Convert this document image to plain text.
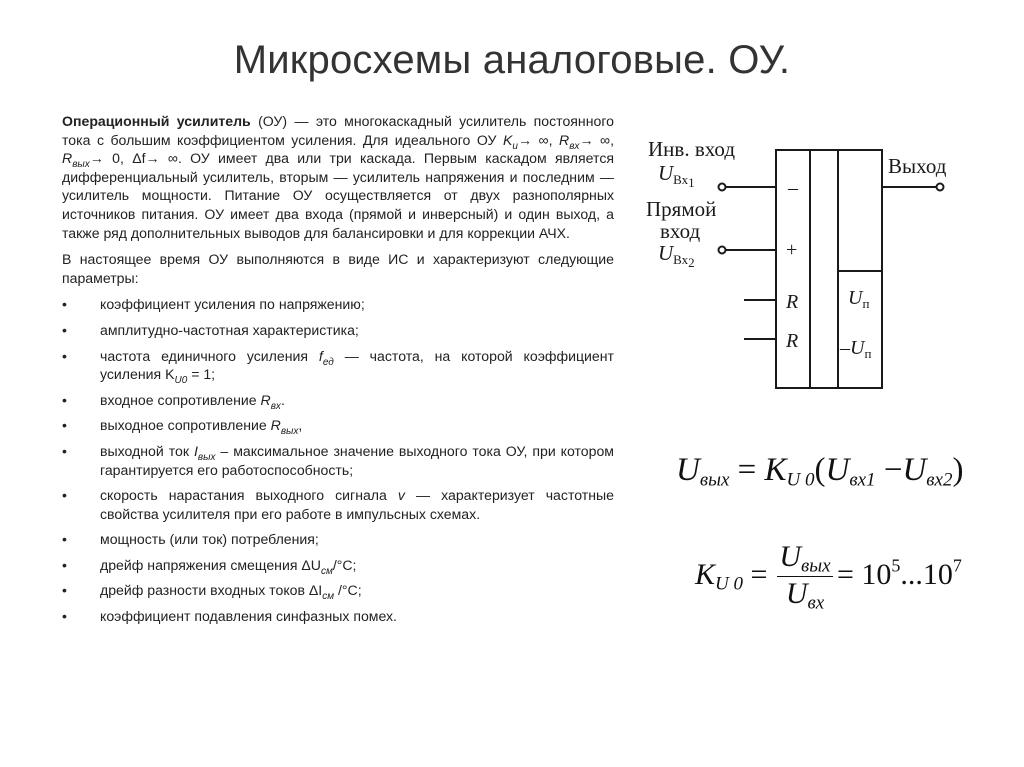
Микросхемы аналоговые. ОУ.

Операционный усилитель (ОУ) — это многокаскадный усилитель постоянного тока с большим коэффициентом усиления. Для идеального ОУ $K_u\to$ ∞, $R_{вх}\to$ ∞, $R_{вых}\to 0$, Δf→ ∞. ОУ имеет два или три каскада. Первым каскадом является дифференциальный усилитель, вторым — усилитель напряжения и последним — усилитель мощности. Питание ОУ осуществляется от двух разнополярных источников питания. ОУ имеет два входа (прямой и инверсный) и один выход, а также ряд дополнительных выводов для балансировки и для коррекции АЧХ.

В настоящее время ОУ выполняются в виде ИС и характеризуют следующие параметры:

• коэффициент усиления по напряжению;
• амплитудно-частотная характеристика;
• частота единичного усиления $f_{ед}$ — частота, на которой коэффициент усиления $K_{U0} = 1$;
• входное сопротивление $R_{вх}$.
• выходное сопротивление $R_{вых}$,
• выходной ток $I_{вых}$ – максимальное значение выходного тока ОУ, при котором гарантируется его работоспособность;
• скорость нарастания выходного сигнала v — характеризует частотные свойства усилителя при его работе в импульсных схемах.
• мощность (или ток) потребления;
• дрейф напряжения смещения $\Delta U_{см}/^\circ C$;
• дрейф разности входных токов $\Delta I_{см}$ /°C;
• коэффициент подавления синфазных помех.
Инв. вход
UВх1
Прямой
вход
UВх2
Выход
–
+
R
R
$U_п$
$-U_п$
$U_{вых} = K_{U 0}(U_{вх1} -U_{вх2})$
$K_{U 0}$ =
$U_{вых}$
$U_{вх}$
= $10^5...10^7$
